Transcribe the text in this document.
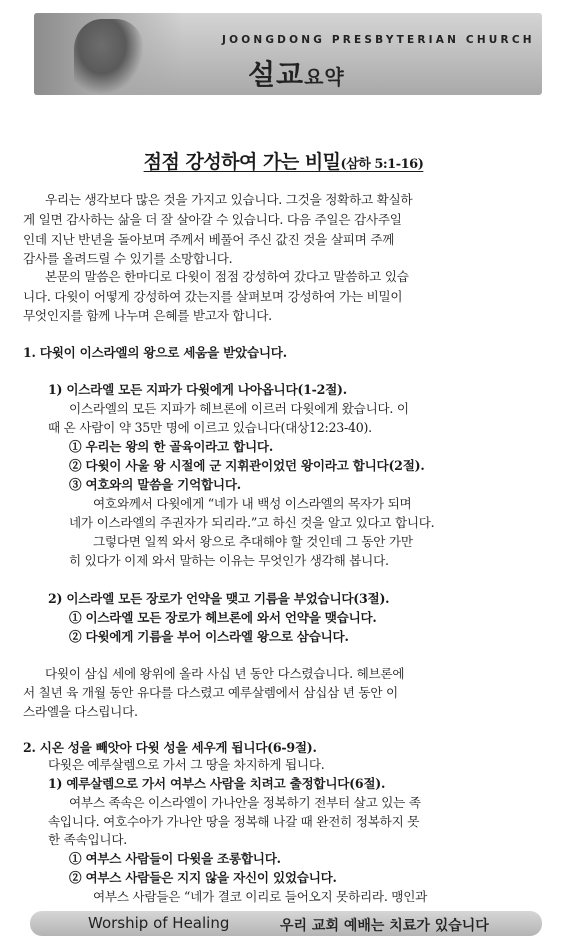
JOONGDONG PRESBYTERIAN CHURCH
설교요약
점점 강성하여 가는 비밀(삼하 5:1-16)
우리는 생각보다 많은 것을 가지고 있습니다. 그것을 정확하고 확실하
게 일면 감사하는 삶을 더 잘 살아갈 수 있습니다. 다음 주일은 감사주일
인데 지난 반년을 돌아보며 주께서 베풀어 주신 값진 것을 살피며 주께
감사를 올려드릴 수 있기를 소망합니다.
본문의 말씀은 한마디로 다윗이 점점 강성하여 갔다고 말씀하고 있습
니다. 다윗이 어떻게 강성하여 갔는지를 살펴보며 강성하여 가는 비밀이
무엇인지를 함께 나누며 은혜를 받고자 합니다.
1. 다윗이 이스라엘의 왕으로 세움을 받았습니다.
1) 이스라엘 모든 지파가 다윗에게 나아옵니다(1-2절).
이스라엘의 모든 지파가 헤브론에 이르러 다윗에게 왔습니다. 이
때 온 사람이 약 35만 명에 이르고 있습니다(대상12:23-40).
① 우리는 왕의 한 골육이라고 합니다.
② 다윗이 사울 왕 시절에 군 지휘관이었던 왕이라고 합니다(2절).
③ 여호와의 말씀을 기억합니다.
여호와께서 다윗에게 “네가 내 백성 이스라엘의 목자가 되며
네가 이스라엘의 주권자가 되리라.”고 하신 것을 알고 있다고 합니다.
그렇다면 일찍 와서 왕으로 추대해야 할 것인데 그 동안 가만
히 있다가 이제 와서 말하는 이유는 무엇인가 생각해 봅니다.
2) 이스라엘 모든 장로가 언약을 맺고 기름을 부었습니다(3절).
① 이스라엘 모든 장로가 헤브론에 와서 언약을 맺습니다.
② 다윗에게 기름을 부어 이스라엘 왕으로 삼습니다.
다윗이 삼십 세에 왕위에 올라 사십 년 동안 다스렸습니다. 헤브론에
서 칠년 육 개월 동안 유다를 다스렸고 예루살렘에서 삼십삼 년 동안 이
스라엘을 다스립니다.
2. 시온 성을 빼앗아 다윗 성을 세우게 됩니다(6-9절).
다윗은 예루살렘으로 가서 그 땅을 차지하게 됩니다.
1) 예루살렘으로 가서 여부스 사람을 치려고 출정합니다(6절).
여부스 족속은 이스라엘이 가나안을 정복하기 전부터 살고 있는 족
속입니다. 여호수아가 가나안 땅을 정복해 나갈 때 완전히 정복하지 못
한 족속입니다.
① 여부스 사람들이 다윗을 조롱합니다.
② 여부스 사람들은 지지 않을 자신이 있었습니다.
여부스 사람들은 “네가 결코 이리로 들어오지 못하리라. 맹인과
Worship of Healing	우리 교회 예배는 치료가 있습니다
